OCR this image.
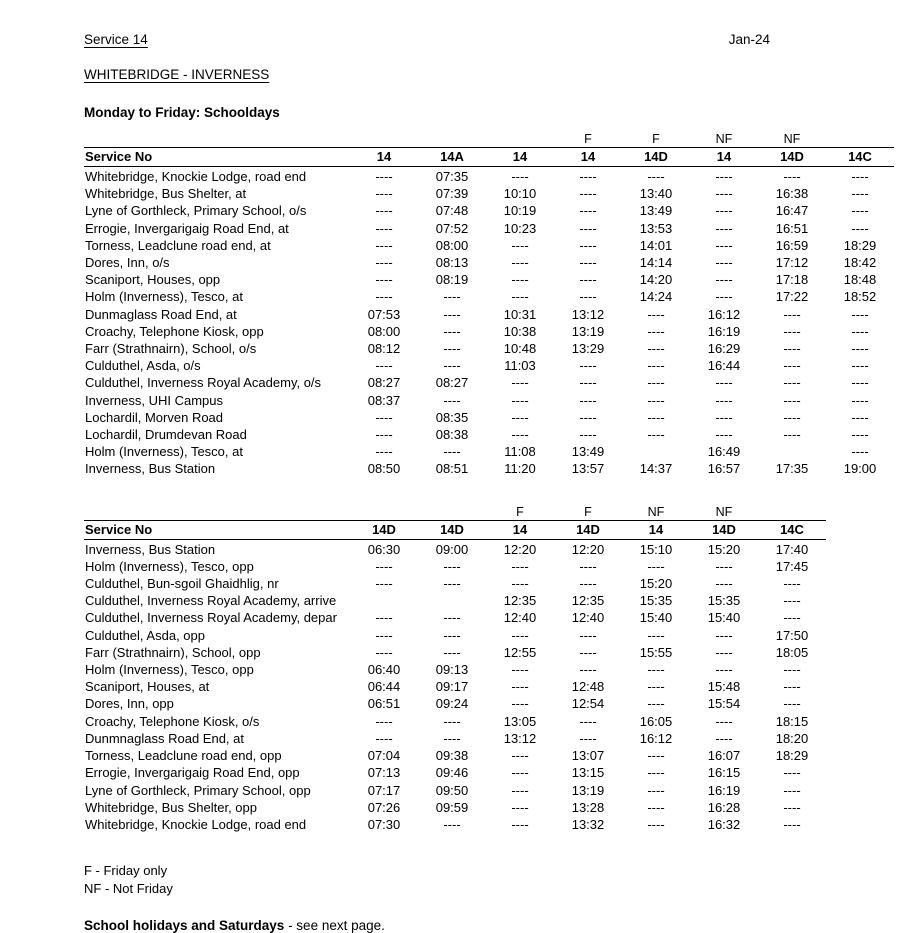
Service 14	Jan-24
WHITEBRIDGE - INVERNESS
Monday to Friday: Schooldays
				F	F	NF	NF	
Service No	14	14A	14	14	14D	14	14D	14C
Whitebridge, Knockie Lodge, road end	----	07:35	----	----	----	----	----	----
Whitebridge, Bus Shelter, at	----	07:39	10:10	----	13:40	----	16:38	----
Lyne of Gorthleck, Primary School, o/s	----	07:48	10:19	----	13:49	----	16:47	----
Errogie, Invergarigaig Road End, at	----	07:52	10:23	----	13:53	----	16:51	----
Torness, Leadclune road end, at	----	08:00	----	----	14:01	----	16:59	18:29
Dores, Inn, o/s	----	08:13	----	----	14:14	----	17:12	18:42
Scaniport, Houses, opp	----	08:19	----	----	14:20	----	17:18	18:48
Holm (Inverness), Tesco, at	----	----	----	----	14:24	----	17:22	18:52
Dunmaglass Road End, at	07:53	----	10:31	13:12	----	16:12	----	----
Croachy, Telephone Kiosk, opp	08:00	----	10:38	13:19	----	16:19	----	----
Farr (Strathnairn), School, o/s	08:12	----	10:48	13:29	----	16:29	----	----
Culduthel, Asda, o/s	----	----	11:03	----	----	16:44	----	----
Culduthel, Inverness Royal Academy, o/s	08:27	08:27	----	----	----	----	----	----
Inverness, UHI Campus	08:37	----	----	----	----	----	----	----
Lochardil, Morven Road	----	08:35	----	----	----	----	----	----
Lochardil, Drumdevan Road	----	08:38	----	----	----	----	----	----
Holm (Inverness), Tesco, at	----	----	11:08	13:49		16:49		----
Inverness, Bus Station	08:50	08:51	11:20	13:57	14:37	16:57	17:35	19:00
			F	F	NF	NF	
Service No	14D	14D	14	14D	14	14D	14C
Inverness, Bus Station	06:30	09:00	12:20	12:20	15:10	15:20	17:40
Holm (Inverness), Tesco, opp	----	----	----	----	----	----	17:45
Culduthel, Bun-sgoil Ghaidhlig, nr	----	----	----	----	15:20	----	----
Culduthel, Inverness Royal Academy, arrive			12:35	12:35	15:35	15:35	----
Culduthel, Inverness Royal Academy, depar	----	----	12:40	12:40	15:40	15:40	----
Culduthel, Asda, opp	----	----	----	----	----	----	17:50
Farr (Strathnairn), School, opp	----	----	12:55	----	15:55	----	18:05
Holm (Inverness), Tesco, opp	06:40	09:13	----	----	----	----	----
Scaniport, Houses, at	06:44	09:17	----	12:48	----	15:48	----
Dores, Inn, opp	06:51	09:24	----	12:54	----	15:54	----
Croachy, Telephone Kiosk, o/s	----	----	13:05	----	16:05	----	18:15
Dunmnaglass Road End, at	----	----	13:12	----	16:12	----	18:20
Torness, Leadclune road end, opp	07:04	09:38	----	13:07	----	16:07	18:29
Errogie, Invergarigaig Road End, opp	07:13	09:46	----	13:15	----	16:15	----
Lyne of Gorthleck, Primary School, opp	07:17	09:50	----	13:19	----	16:19	----
Whitebridge, Bus Shelter, opp	07:26	09:59	----	13:28	----	16:28	----
Whitebridge, Knockie Lodge, road end	07:30	----	----	13:32	----	16:32	----
F - Friday only
NF - Not Friday
School holidays and Saturdays - see next page.
